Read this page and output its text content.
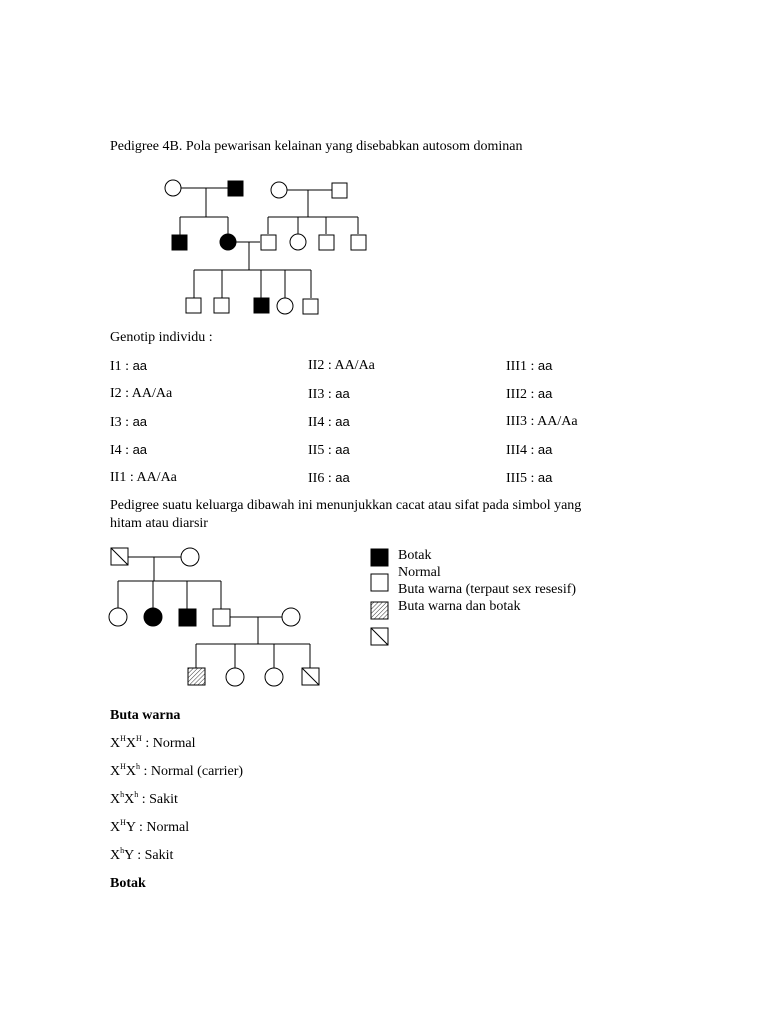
Pedigree 4B. Pola pewarisan kelainan yang disebabkan autosom dominan
Genotip individu :
I1 : aa	II2 : AA/Aa	III1 : aa
I2 : AA/Aa	II3 : aa	III2 : aa
I3 : aa	II4 : aa	III3 : AA/Aa
I4 : aa	II5 : aa	III4 : aa
II1 : AA/Aa	II6 : aa	III5 : aa
Pedigree suatu keluarga dibawah ini menunjukkan cacat atau sifat pada simbol yang
hitam atau diarsir
Botak
Normal
Buta warna (terpaut sex resesif)
Buta warna dan botak
Buta warna
$X^HX^H$ : Normal
$X^HX^h$ : Normal (carrier)
$X^hX^h$ : Sakit
$X^HY$ : Normal
$X^hY$ : Sakit
Botak
